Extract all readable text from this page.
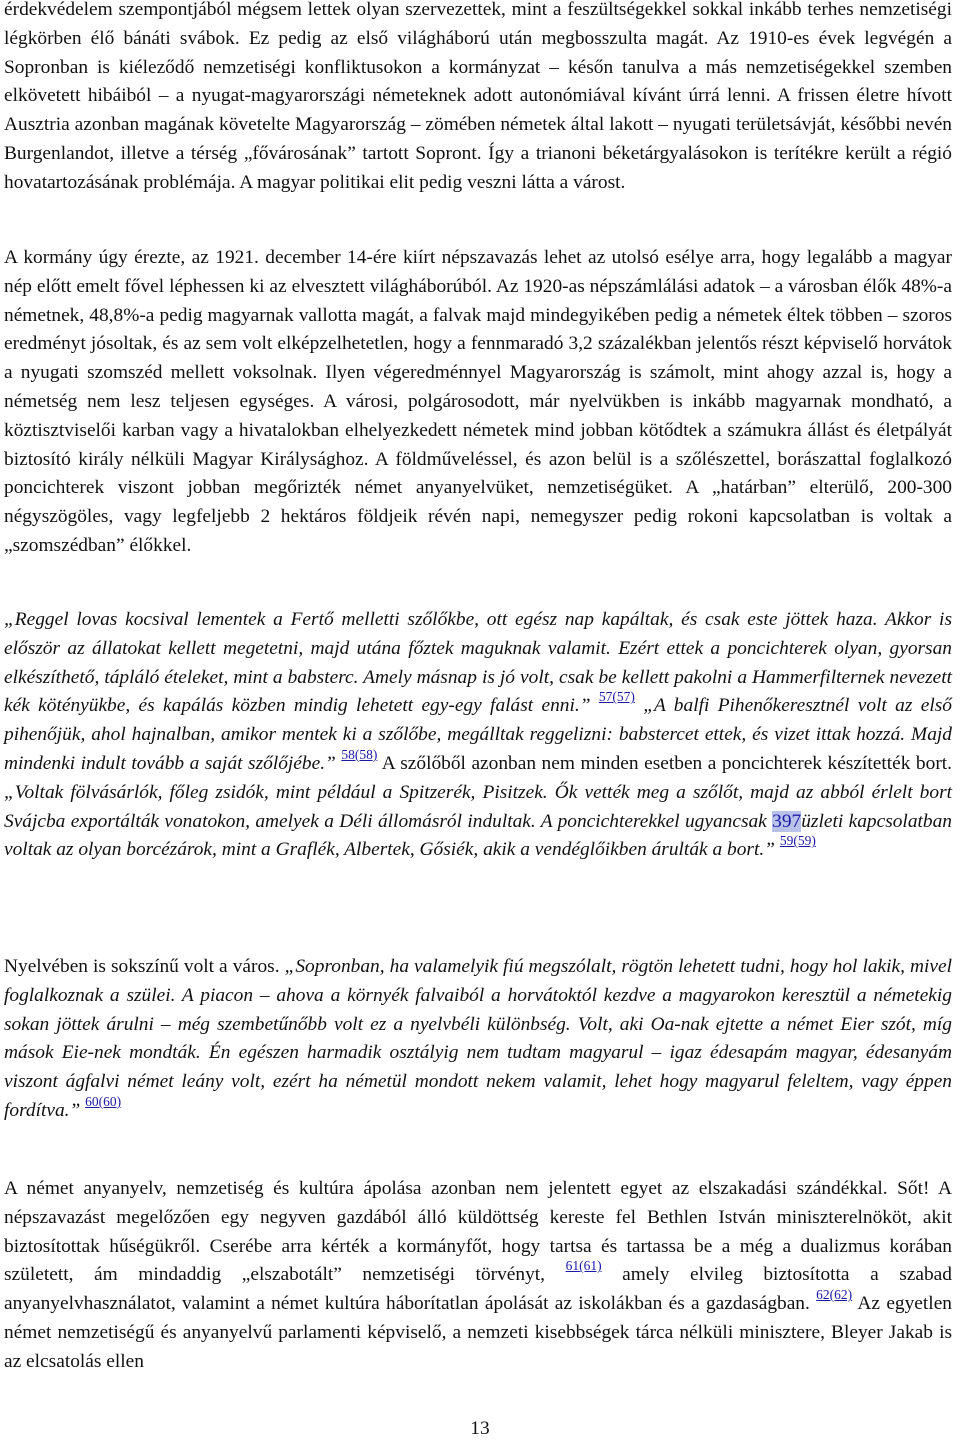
érdekvédelem szempontjából mégsem lettek olyan szervezettek, mint a feszültségekkel sokkal inkább terhes nemzetiségi légkörben élő bánáti svábok. Ez pedig az első világháború után megbosszulta magát. Az 1910-es évek legvégén a Sopronban is kiéleződő nemzetiségi konfliktusokon a kormányzat – későn tanulva a más nemzetiségekkel szemben elkövetett hibáiból – a nyugat-magyarországi németeknek adott autonómiával kívánt úrrá lenni. A frissen életre hívott Ausztria azonban magának követelte Magyarország – zömében németek által lakott – nyugati területsávját, későbbi nevén Burgenlandot, illetve a térség „fővárosának” tartott Sopront. Így a trianoni béketárgyalásokon is terítékre került a régió hovatartozásának problémája. A magyar politikai elit pedig veszni látta a várost.

A kormány úgy érezte, az 1921. december 14-ére kiírt népszavazás lehet az utolsó esélye arra, hogy legalább a magyar nép előtt emelt fővel léphessen ki az elvesztett világháborúból. Az 1920-as népszámlálási adatok – a városban élők 48%-a németnek, 48,8%-a pedig magyarnak vallotta magát, a falvak majd mindegyikében pedig a németek éltek többen – szoros eredményt jósoltak, és az sem volt elképzelhetetlen, hogy a fennmaradó 3,2 százalékban jelentős részt képviselő horvátok a nyugati szomszéd mellett voksolnak. Ilyen végeredménnyel Magyarország is számolt, mint ahogy azzal is, hogy a németség nem lesz teljesen egységes. A városi, polgárosodott, már nyelvükben is inkább magyarnak mondható, a köztisztviselői karban vagy a hivatalokban elhelyezkedett németek mind jobban kötődtek a számukra állást és életpályát biztosító király nélküli Magyar Királysághoz. A földműveléssel, és azon belül is a szőlészettel, borászattal foglalkozó poncichterek viszont jobban megőrizték német anyanyelvüket, nemzetiségüket. A „határban” elterülő, 200-300 négyszögöles, vagy legfeljebb 2 hektáros földjeik révén napi, nemegyszer pedig rokoni kapcsolatban is voltak a „szomszédban” élőkkel.

„Reggel lovas kocsival lementek a Fertő melletti szőlőkbe, ott egész nap kapáltak, és csak este jöttek haza. Akkor is először az állatokat kellett megetetni, majd utána főztek maguknak valamit. Ezért ettek a poncichterek olyan, gyorsan elkészíthető, tápláló ételeket, mint a babsterc. Amely másnap is jó volt, csak be kellett pakolni a Hammerfilternek nevezett kék kötényükbe, és kapálás közben mindig lehetett egy-egy falást enni.” $^{57(57)}$ „A balfi Pihenőkeresztnél volt az első pihenőjük, ahol hajnalban, amikor mentek ki a szőlőbe, megálltak reggelizni: babstercet ettek, és vizet ittak hozzá. Majd mindenki indult tovább a saját szőlőjébe.” $^{58(58)}$ A szőlőből azonban nem minden esetben a poncichterek készítették bort. „Voltak fölvásárlók, főleg zsidók, mint például a Spitzerék, Pisitzek. Ők vették meg a szőlőt, majd az abból érlelt bort Svájcba exportálták vonatokon, amelyek a Déli állomásról indultak. A poncichterekkel ugyancsak 397üzleti kapcsolatban voltak az olyan borcézárok, mint a Graflék, Albertek, Gősiék, akik a vendéglőikben árulták a bort.” $^{59(59)}$

Nyelvében is sokszínű volt a város. „Sopronban, ha valamelyik fiú megszólalt, rögtön lehetett tudni, hogy hol lakik, mivel foglalkoznak a szülei. A piacon – ahova a környék falvaiból a horvátoktól kezdve a magyarokon keresztül a németekig sokan jöttek árulni – még szembetűnőbb volt ez a nyelvbéli különbség. Volt, aki Oa-nak ejtette a német Eier szót, míg mások Eie-nek mondták. Én egészen harmadik osztályig nem tudtam magyarul – igaz édesapám magyar, édesanyám viszont ágfalvi német leány volt, ezért ha németül mondott nekem valamit, lehet hogy magyarul feleltem, vagy éppen fordítva.” $^{60(60)}$

A német anyanyelv, nemzetiség és kultúra ápolása azonban nem jelentett egyet az elszakadási szándékkal. Sőt! A népszavazást megelőzően egy negyven gazdából álló küldöttség kereste fel Bethlen István miniszterelnököt, akit biztosítottak hűségükről. Cserébe arra kérték a kormányfőt, hogy tartsa és tartassa be a még a dualizmus korában született, ám mindaddig „elszabotált” nemzetiségi törvényt, $^{61(61)}$ amely elvileg biztosította a szabad anyanyelvhasználatot, valamint a német kultúra háborítatlan ápolását az iskolákban és a gazdaságban. $^{62(62)}$ Az egyetlen német nemzetiségű és anyanyelvű parlamenti képviselő, a nemzeti kisebbségek tárca nélküli minisztere, Bleyer Jakab is az elcsatolás ellen

13
